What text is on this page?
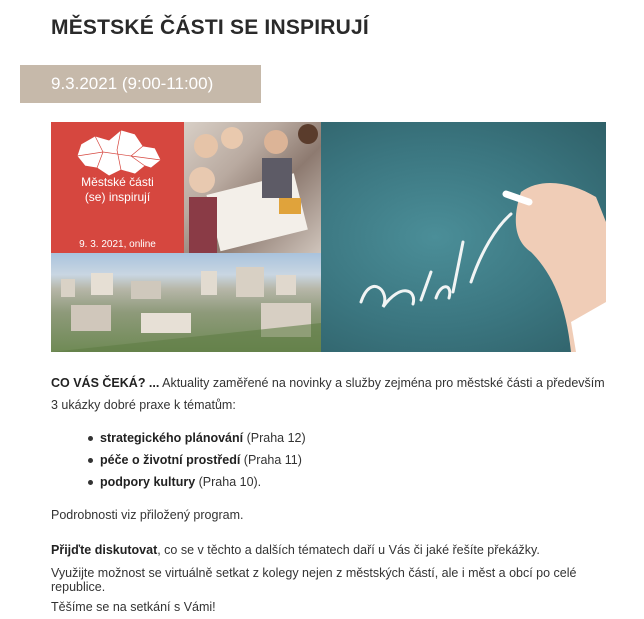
MĚSTSKÉ ČÁSTI SE INSPIRUJÍ
9.3.2021 (9:00-11:00)
Městské části
(se) inspirují
9. 3. 2021, online
CO VÁS ČEKÁ? ... Aktuality zaměřené na novinky a služby zejména pro městské části a především 3 ukázky dobré praxe k tématům:
strategického plánování (Praha 12)
péče o životní prostředí (Praha 11)
podpory kultury (Praha 10).
Podrobnosti viz přiložený program.
Přijďte diskutovat, co se v těchto a dalších tématech daří u Vás či jaké řešíte překážky.
Využijte možnost se virtuálně setkat z kolegy nejen z městských částí, ale i měst a obcí po celé republice.
Těšíme se na setkání s Vámi!
